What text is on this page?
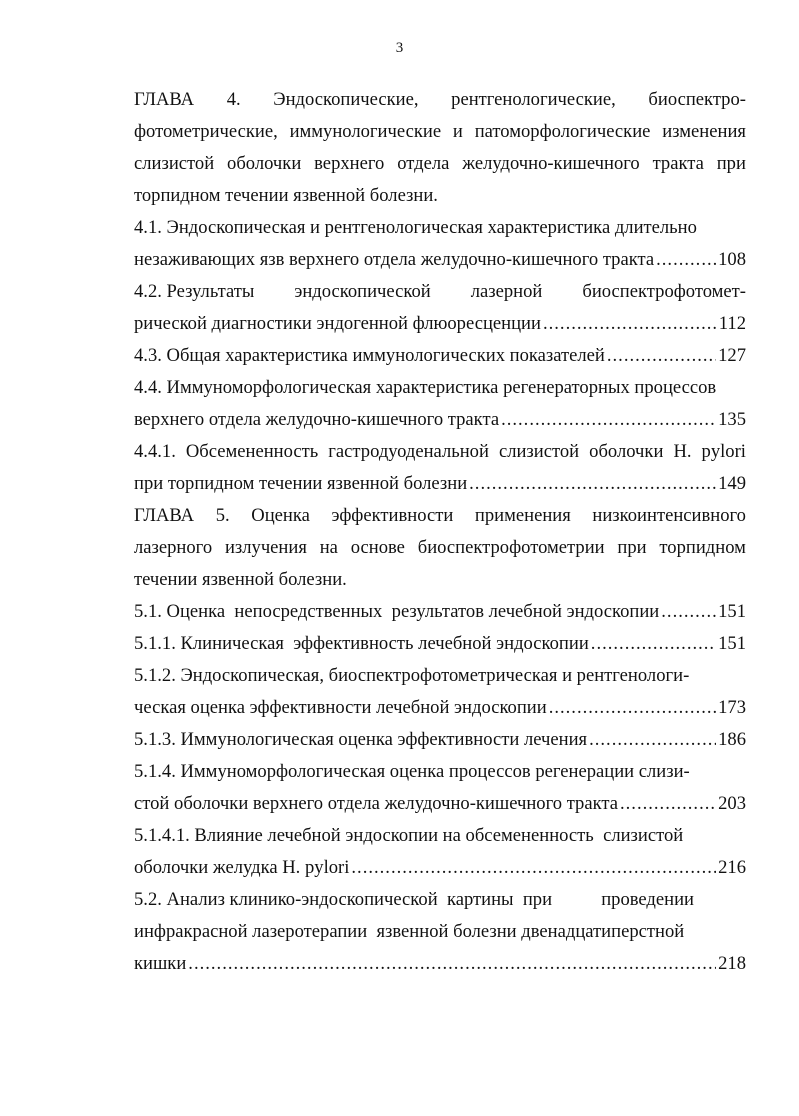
3
ГЛАВА 4. Эндоскопические, рентгенологические, биоспектро-
фотометрические, иммунологические и патоморфологические изменения
слизистой оболочки верхнего отдела желудочно-кишечного тракта при
торпидном течении язвенной болезни.
4.1. Эндоскопическая и рентгенологическая характеристика длительно
незаживающих язв верхнего отдела желудочно-кишечного тракта .....	108
4.2. Результаты эндоскопической лазерной биоспектрофотомет-
рической диагностики эндогенной флюоресценции .....	112
4.3. Общая характеристика иммунологических показателей .....	127
4.4. Иммуноморфологическая характеристика регенераторных процессов
верхнего отдела желудочно-кишечного тракта .....	135
4.4.1. Обсемененность гастродуоденальной слизистой оболочки H. pylori
при торпидном течении язвенной болезни .....	149
ГЛАВА 5. Оценка эффективности применения низкоинтенсивного
лазерного излучения на основе биоспектрофотометрии при торпидном
течении язвенной болезни.
5.1. Оценка  непосредственных  результатов лечебной эндоскопии .....	151
5.1.1. Клиническая  эффективность лечебной эндоскопии .....	151
5.1.2. Эндоскопическая, биоспектрофотометрическая и рентгенологи-
ческая оценка эффективности лечебной эндоскопии .....	173
5.1.3. Иммунологическая оценка эффективности лечения .....	186
5.1.4. Иммуноморфологическая оценка процессов регенерации слизи-
стой оболочки верхнего отдела желудочно-кишечного тракта .....	203
5.1.4.1. Влияние лечебной эндоскопии на обсемененность  слизистой
оболочки желудка H. pylori .....	216
5.2. Анализ клинико-эндоскопической  картины  при	проведении
инфракрасной лазеротерапии  язвенной болезни двенадцатиперстной
кишки .....	218
